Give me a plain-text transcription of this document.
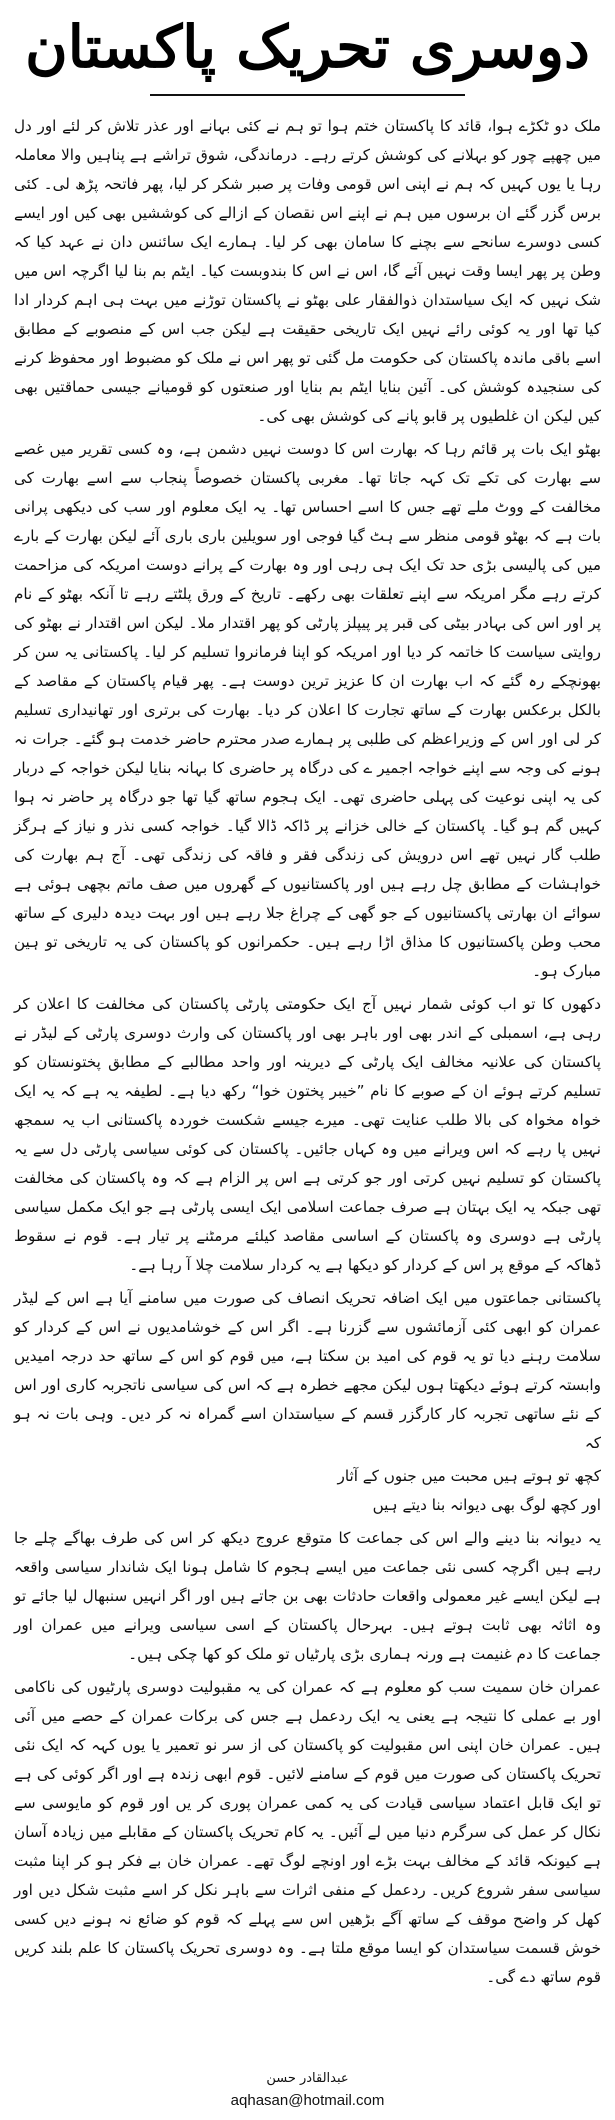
دوسری تحریک پاکستان

ملک دو ٹکڑے ہوا، قائد کا پاکستان ختم ہوا تو ہم نے کئی بہانے اور عذر تلاش کر لئے اور دل میں چھپے چور کو بہلانے کی کوشش کرتے رہے۔ درماندگی، شوق تراشے ہے پناہیں والا معاملہ رہا یا یوں کہیں کہ ہم نے اپنی اس قومی وفات پر صبر شکر کر لیا، پھر فاتحہ پڑھ لی۔ کئی برس گزر گئے ان برسوں میں ہم نے اپنے اس نقصان کے ازالے کی کوششیں بھی کیں اور ایسے کسی دوسرے سانحے سے بچنے کا سامان بھی کر لیا۔ ہمارے ایک سائنس دان نے عہد کیا کہ وطن پر پھر ایسا وقت نہیں آئے گا، اس نے اس کا بندوبست کیا۔ ایٹم بم بنا لیا اگرچہ اس میں شک نہیں کہ ایک سیاستدان ذوالفقار علی بھٹو نے پاکستان توڑنے میں بہت ہی اہم کردار ادا کیا تھا اور یہ کوئی رائے نہیں ایک تاریخی حقیقت ہے لیکن جب اس کے منصوبے کے مطابق اسے باقی ماندہ پاکستان کی حکومت مل گئی تو پھر اس نے ملک کو مضبوط اور محفوظ کرنے کی سنجیدہ کوشش کی۔ آئین بنایا ایٹم بم بنایا اور صنعتوں کو قومیانے جیسی حماقتیں بھی کیں لیکن ان غلطیوں پر قابو پانے کی کوشش بھی کی۔

بھٹو ایک بات پر قائم رہا کہ بھارت اس کا دوست نہیں دشمن ہے، وہ کسی تقریر میں غصے سے بھارت کی تکے تک کہہ جاتا تھا۔ مغربی پاکستان خصوصاً پنجاب سے اسے بھارت کی مخالفت کے ووٹ ملے تھے جس کا اسے احساس تھا۔ یہ ایک معلوم اور سب کی دیکھی پرانی بات ہے کہ بھٹو قومی منظر سے ہٹ گیا فوجی اور سویلین باری باری آئے لیکن بھارت کے بارے میں کی پالیسی بڑی حد تک ایک ہی رہی اور وہ بھارت کے پرانے دوست امریکہ کی مزاحمت کرتے رہے مگر امریکہ سے اپنے تعلقات بھی رکھے۔ تاریخ کے ورق پلٹتے رہے تا آنکہ بھٹو کے نام پر اور اس کی بہادر بیٹی کی قبر پر پیپلز پارٹی کو پھر اقتدار ملا۔ لیکن اس اقتدار نے بھٹو کی روایتی سیاست کا خاتمہ کر دیا اور امریکہ کو اپنا فرمانروا تسلیم کر لیا۔ پاکستانی یہ سن کر بھونچکے رہ گئے کہ اب بھارت ان کا عزیز ترین دوست ہے۔ پھر قیام پاکستان کے مقاصد کے بالکل برعکس بھارت کے ساتھ تجارت کا اعلان کر دیا۔ بھارت کی برتری اور تھانیداری تسلیم کر لی اور اس کے وزیراعظم کی طلبی پر ہمارے صدر محترم حاضر خدمت ہو گئے۔ جرات نہ ہونے کی وجہ سے اپنے خواجہ اجمیر ے کی درگاہ پر حاضری کا بہانہ بنایا لیکن خواجہ کے دربار کی یہ اپنی نوعیت کی پہلی حاضری تھی۔ ایک ہجوم ساتھ گیا تھا جو درگاہ پر حاضر نہ ہوا کہیں گم ہو گیا۔ پاکستان کے خالی خزانے پر ڈاکہ ڈالا گیا۔ خواجہ کسی نذر و نیاز کے ہرگز طلب گار نہیں تھے اس درویش کی زندگی فقر و فاقہ کی زندگی تھی۔ آج ہم بھارت کی خواہشات کے مطابق چل رہے ہیں اور پاکستانیوں کے گھروں میں صف ماتم بچھی ہوئی ہے سوائے ان بھارتی پاکستانیوں کے جو گھی کے چراغ جلا رہے ہیں اور بہت دیدہ دلیری کے ساتھ محب وطن پاکستانیوں کا مذاق اڑا رہے ہیں۔ حکمرانوں کو پاکستان کی یہ تاریخی تو ہین مبارک ہو۔

دکھوں کا تو اب کوئی شمار نہیں آج ایک حکومتی پارٹی پاکستان کی مخالفت کا اعلان کر رہی ہے، اسمبلی کے اندر بھی اور باہر بھی اور پاکستان کی وارث دوسری پارٹی کے لیڈر نے پاکستان کی علانیہ مخالف ایک پارٹی کے دیرینہ اور واحد مطالبے کے مطابق پختونستان کو تسلیم کرتے ہوئے ان کے صوبے کا نام ”خیبر پختون خوا“ رکھ دیا ہے۔ لطیفہ یہ ہے کہ یہ ایک خواہ مخواہ کی بالا طلب عنایت تھی۔ میرے جیسے شکست خوردہ پاکستانی اب یہ سمجھ نہیں پا رہے کہ اس ویرانے میں وہ کہاں جائیں۔ پاکستان کی کوئی سیاسی پارٹی دل سے یہ پاکستان کو تسلیم نہیں کرتی اور جو کرتی ہے اس پر الزام ہے کہ وہ پاکستان کی مخالفت تھی جبکہ یہ ایک بہتان ہے صرف جماعت اسلامی ایک ایسی پارٹی ہے جو ایک مکمل سیاسی پارٹی ہے دوسری وہ پاکستان کے اساسی مقاصد کیلئے مرمٹنے پر تیار ہے۔ قوم نے سقوط ڈھاکہ کے موقع پر اس کے کردار کو دیکھا ہے یہ کردار سلامت چلا آ رہا ہے۔

پاکستانی جماعتوں میں ایک اضافہ تحریک انصاف کی صورت میں سامنے آیا ہے اس کے لیڈر عمران کو ابھی کئی آزمائشوں سے گزرنا ہے۔ اگر اس کے خوشامدیوں نے اس کے کردار کو سلامت رہنے دیا تو یہ قوم کی امید بن سکتا ہے، میں قوم کو اس کے ساتھ حد درجہ امیدیں وابستہ کرتے ہوئے دیکھتا ہوں لیکن مجھے خطرہ ہے کہ اس کی سیاسی ناتجربہ کاری اور اس کے نئے ساتھی تجربہ کار کارگزر قسم کے سیاستدان اسے گمراہ نہ کر دیں۔ وہی بات نہ ہو کہ

کچھ تو ہوتے ہیں محبت میں جنوں کے آثار

اور کچھ لوگ بھی دیوانہ بنا دیتے ہیں

یہ دیوانہ بنا دینے والے اس کی جماعت کا متوقع عروج دیکھ کر اس کی طرف بھاگے چلے جا رہے ہیں اگرچہ کسی نئی جماعت میں ایسے ہجوم کا شامل ہونا ایک شاندار سیاسی واقعہ ہے لیکن ایسے غیر معمولی واقعات حادثات بھی بن جاتے ہیں اور اگر انہیں سنبھال لیا جائے تو وہ اثاثہ بھی ثابت ہوتے ہیں۔ بہرحال پاکستان کے اسی سیاسی ویرانے میں عمران اور جماعت کا دم غنیمت ہے ورنہ ہماری بڑی پارٹیاں تو ملک کو کھا چکی ہیں۔

عمران خان سمیت سب کو معلوم ہے کہ عمران کی یہ مقبولیت دوسری پارٹیوں کی ناکامی اور بے عملی کا نتیجہ ہے یعنی یہ ایک ردعمل ہے جس کی برکات عمران کے حصے میں آئی ہیں۔ عمران خان اپنی اس مقبولیت کو پاکستان کی از سر نو تعمیر یا یوں کہہ کہ ایک نئی تحریک پاکستان کی صورت میں قوم کے سامنے لائیں۔ قوم ابھی زندہ ہے اور اگر کوئی کی ہے تو ایک قابل اعتماد سیاسی قیادت کی یہ کمی عمران پوری کر یں اور قوم کو مایوسی سے نکال کر عمل کی سرگرم دنیا میں لے آئیں۔ یہ کام تحریک پاکستان کے مقابلے میں زیادہ آسان ہے کیونکہ قائد کے مخالف بہت بڑے اور اونچے لوگ تھے۔ عمران خان بے فکر ہو کر اپنا مثبت سیاسی سفر شروع کریں۔ ردعمل کے منفی اثرات سے باہر نکل کر اسے مثبت شکل دیں اور کھل کر واضح موقف کے ساتھ آگے بڑھیں اس سے پہلے کہ قوم کو ضائع نہ ہونے دیں کسی خوش قسمت سیاستدان کو ایسا موقع ملتا ہے۔ وہ دوسری تحریک پاکستان کا علم بلند کریں قوم ساتھ دے گی۔

عبدالقادر حسن
aqhasan@hotmail.com
